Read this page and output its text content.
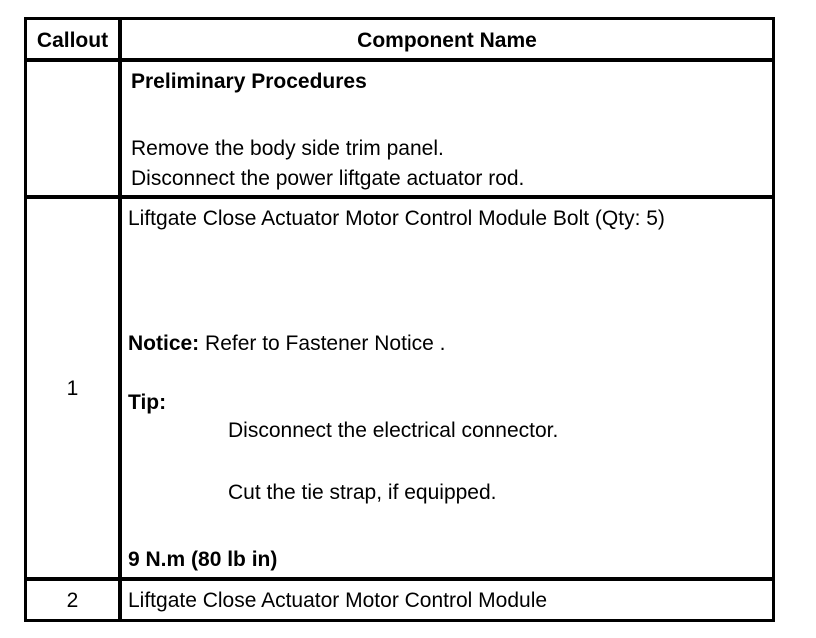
Callout	Component Name
Preliminary Procedures
Remove the body side trim panel.
Disconnect the power liftgate actuator rod.
1
Liftgate Close Actuator Motor Control Module Bolt (Qty: 5)
Notice: Refer to Fastener Notice .
Tip:
Disconnect the electrical connector.
Cut the tie strap, if equipped.
9 N.m (80 lb in)
2	Liftgate Close Actuator Motor Control Module
